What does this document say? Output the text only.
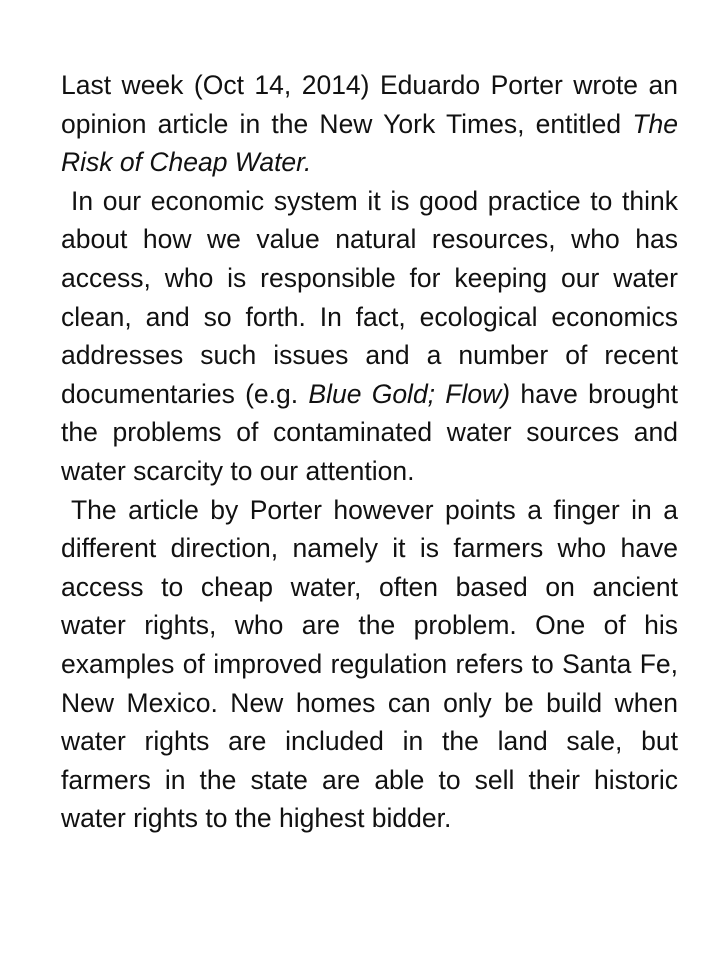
Last week (Oct 14, 2014) Eduardo Porter wrote an opinion article in the New York Times, entitled The Risk of Cheap Water.

In our economic system it is good practice to think about how we value natural resources, who has access, who is responsible for keeping our water clean, and so forth. In fact, ecological economics addresses such issues and a number of recent documentaries (e.g. Blue Gold; Flow) have brought the problems of contaminated water sources and water scarcity to our attention.

The article by Porter however points a finger in a different direction, namely it is farmers who have access to cheap water, often based on ancient water rights, who are the problem. One of his examples of improved regulation refers to Santa Fe, New Mexico. New homes can only be build when water rights are included in the land sale, but farmers in the state are able to sell their historic water rights to the highest bidder.
